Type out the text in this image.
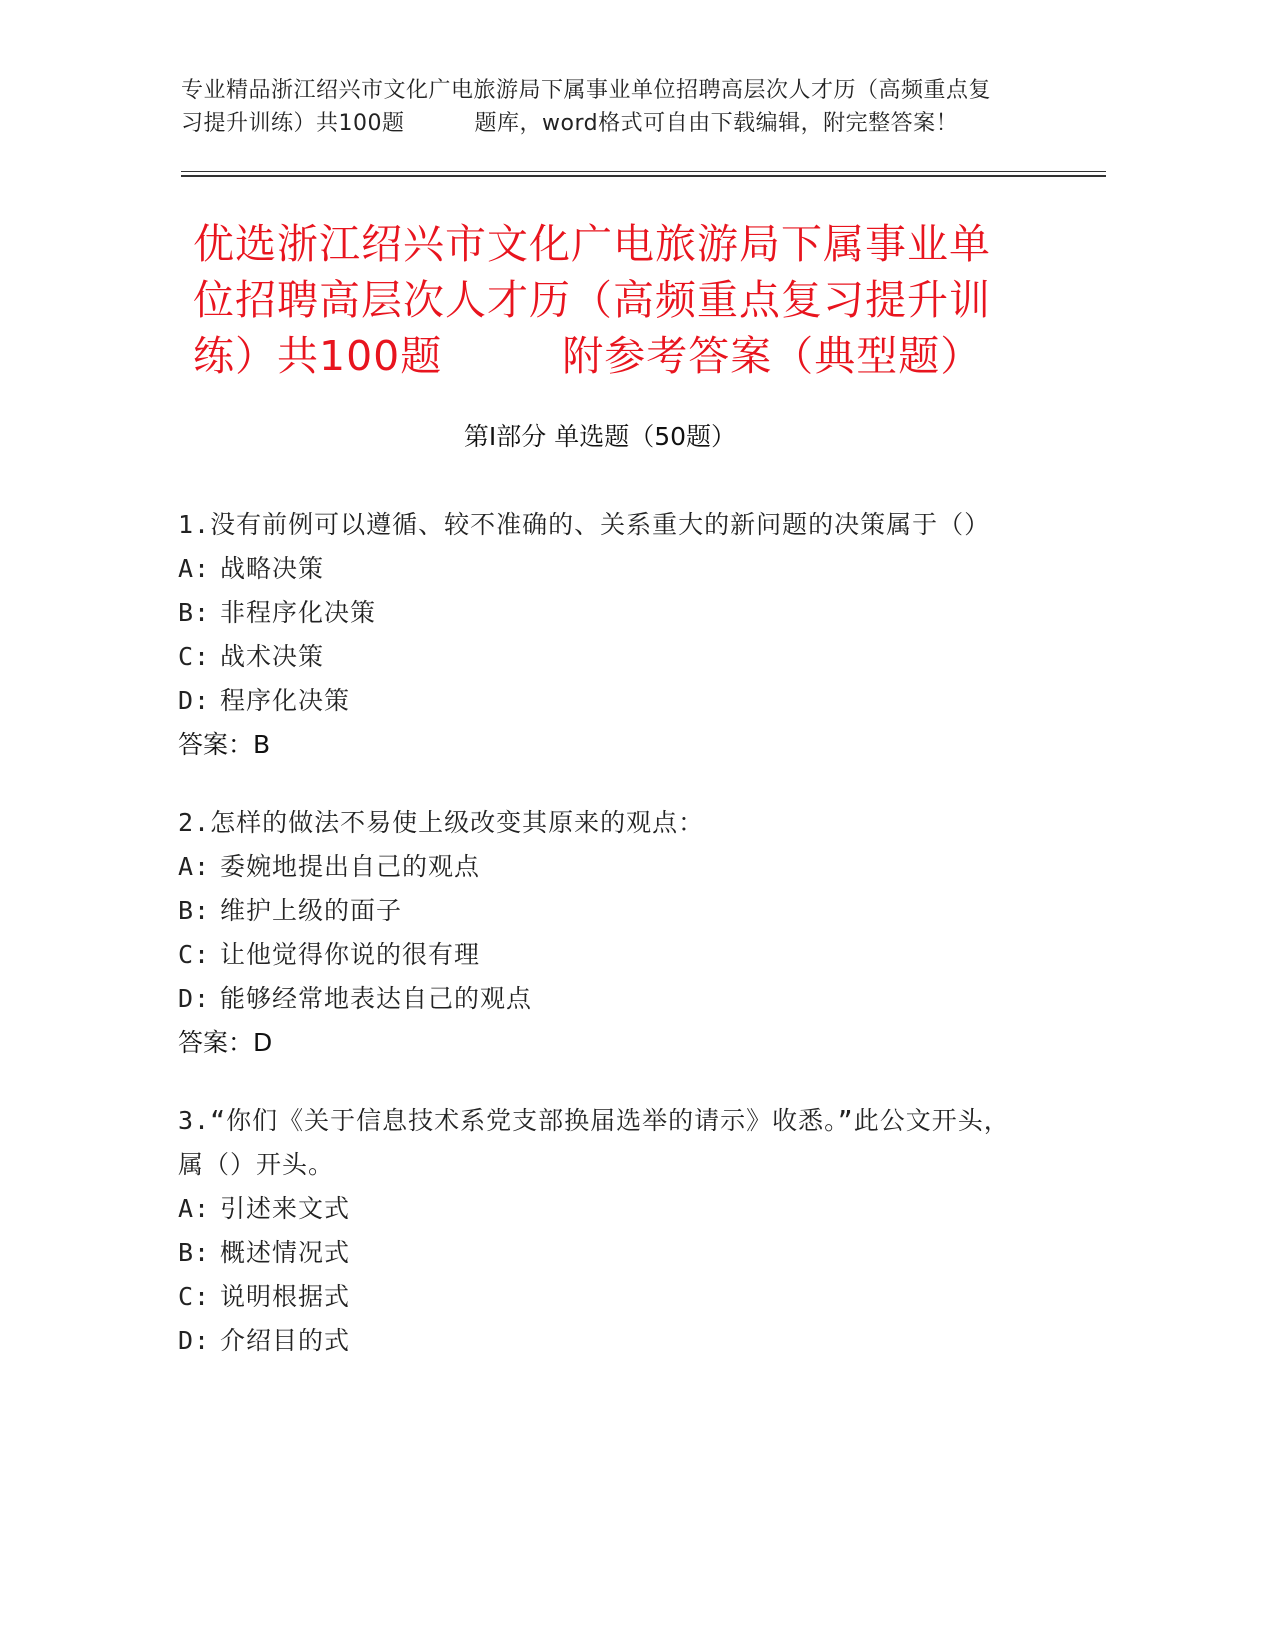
专业精品浙江绍兴市文化广电旅游局下属事业单位招聘高层次人才历（高频重点复
习提升训练）共100题	题库，word格式可自由下载编辑，附完整答案！
优选浙江绍兴市文化广电旅游局下属事业单
位招聘高层次人才历（高频重点复习提升训
练）共100题	附参考答案（典型题）
第Ⅰ部分 单选题（50题）
1.没有前例可以遵循、较不准确的、关系重大的新问题的决策属于（）
A: 战略决策
B: 非程序化决策
C: 战术决策
D: 程序化决策
答案：B
2.怎样的做法不易使上级改变其原来的观点：
A: 委婉地提出自己的观点
B: 维护上级的面子
C: 让他觉得你说的很有理
D: 能够经常地表达自己的观点
答案：D
3.“你们《关于信息技术系党支部换届选举的请示》收悉。”此公文开头，属（）开头。
A: 引述来文式
B: 概述情况式
C: 说明根据式
D: 介绍目的式
